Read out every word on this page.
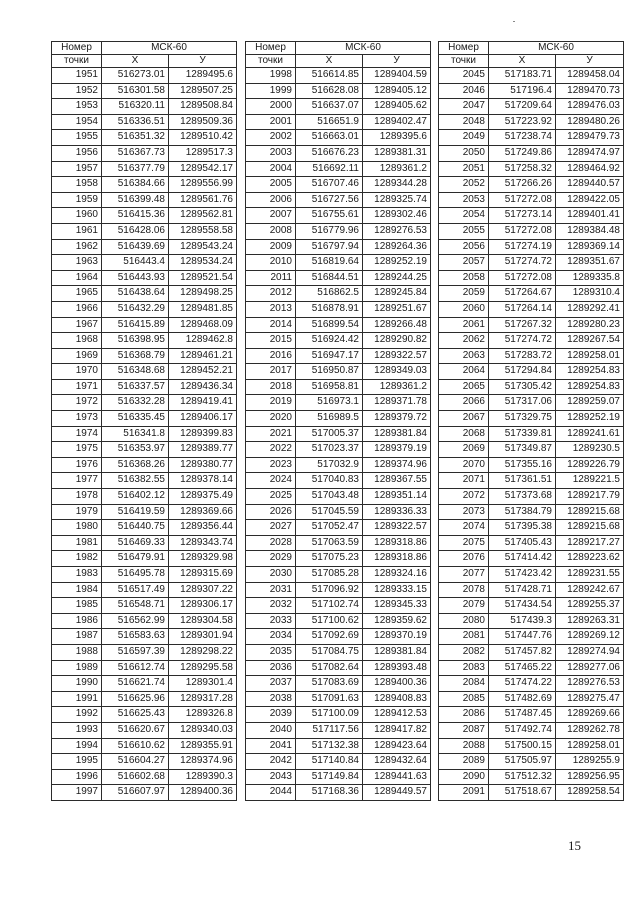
Номер	МСК-60	
точки	X	У
1951	516273.01	1289495.6
1952	516301.58	1289507.25
1953	516320.11	1289508.84
1954	516336.51	1289509.36
1955	516351.32	1289510.42
1956	516367.73	1289517.3
1957	516377.79	1289542.17
1958	516384.66	1289556.99
1959	516399.48	1289561.76
1960	516415.36	1289562.81
1961	516428.06	1289558.58
1962	516439.69	1289543.24
1963	516443.4	1289534.24
1964	516443.93	1289521.54
1965	516438.64	1289498.25
1966	516432.29	1289481.85
1967	516415.89	1289468.09
1968	516398.95	1289462.8
1969	516368.79	1289461.21
1970	516348.68	1289452.21
1971	516337.57	1289436.34
1972	516332.28	1289419.41
1973	516335.45	1289406.17
1974	516341.8	1289399.83
1975	516353.97	1289389.77
1976	516368.26	1289380.77
1977	516382.55	1289378.14
1978	516402.12	1289375.49
1979	516419.59	1289369.66
1980	516440.75	1289356.44
1981	516469.33	1289343.74
1982	516479.91	1289329.98
1983	516495.78	1289315.69
1984	516517.49	1289307.22
1985	516548.71	1289306.17
1986	516562.99	1289304.58
1987	516583.63	1289301.94
1988	516597.39	1289298.22
1989	516612.74	1289295.58
1990	516621.74	1289301.4
1991	516625.96	1289317.28
1992	516625.43	1289326.8
1993	516620.67	1289340.03
1994	516610.62	1289355.91
1995	516604.27	1289374.96
1996	516602.68	1289390.3
1997	516607.97	1289400.36
Номер	МСК-60	
точки	X	У
1998	516614.85	1289404.59
1999	516628.08	1289405.12
2000	516637.07	1289405.62
2001	516651.9	1289402.47
2002	516663.01	1289395.6
2003	516676.23	1289381.31
2004	516692.11	1289361.2
2005	516707.46	1289344.28
2006	516727.56	1289325.74
2007	516755.61	1289302.46
2008	516779.96	1289276.53
2009	516797.94	1289264.36
2010	516819.64	1289252.19
2011	516844.51	1289244.25
2012	516862.5	1289245.84
2013	516878.91	1289251.67
2014	516899.54	1289266.48
2015	516924.42	1289290.82
2016	516947.17	1289322.57
2017	516950.87	1289349.03
2018	516958.81	1289361.2
2019	516973.1	1289371.78
2020	516989.5	1289379.72
2021	517005.37	1289381.84
2022	517023.37	1289379.19
2023	517032.9	1289374.96
2024	517040.83	1289367.55
2025	517043.48	1289351.14
2026	517045.59	1289336.33
2027	517052.47	1289322.57
2028	517063.59	1289318.86
2029	517075.23	1289318.86
2030	517085.28	1289324.16
2031	517096.92	1289333.15
2032	517102.74	1289345.33
2033	517100.62	1289359.62
2034	517092.69	1289370.19
2035	517084.75	1289381.84
2036	517082.64	1289393.48
2037	517083.69	1289400.36
2038	517091.63	1289408.83
2039	517100.09	1289412.53
2040	517117.56	1289417.82
2041	517132.38	1289423.64
2042	517140.84	1289432.64
2043	517149.84	1289441.63
2044	517168.36	1289449.57
Номер	МСК-60	
точки	X	У
2045	517183.71	1289458.04
2046	517196.4	1289470.73
2047	517209.64	1289476.03
2048	517223.92	1289480.26
2049	517238.74	1289479.73
2050	517249.86	1289474.97
2051	517258.32	1289464.92
2052	517266.26	1289440.57
2053	517272.08	1289422.05
2054	517273.14	1289401.41
2055	517272.08	1289384.48
2056	517274.19	1289369.14
2057	517274.72	1289351.67
2058	517272.08	1289335.8
2059	517264.67	1289310.4
2060	517264.14	1289292.41
2061	517267.32	1289280.23
2062	517274.72	1289267.54
2063	517283.72	1289258.01
2064	517294.84	1289254.83
2065	517305.42	1289254.83
2066	517317.06	1289259.07
2067	517329.75	1289252.19
2068	517339.81	1289241.61
2069	517349.87	1289230.5
2070	517355.16	1289226.79
2071	517361.51	1289221.5
2072	517373.68	1289217.79
2073	517384.79	1289215.68
2074	517395.38	1289215.68
2075	517405.43	1289217.27
2076	517414.42	1289223.62
2077	517423.42	1289231.55
2078	517428.71	1289242.67
2079	517434.54	1289255.37
2080	517439.3	1289263.31
2081	517447.76	1289269.12
2082	517457.82	1289274.94
2083	517465.22	1289277.06
2084	517474.22	1289276.53
2085	517482.69	1289275.47
2086	517487.45	1289269.66
2087	517492.74	1289262.78
2088	517500.15	1289258.01
2089	517505.97	1289255.9
2090	517512.32	1289256.95
2091	517518.67	1289258.54
15
